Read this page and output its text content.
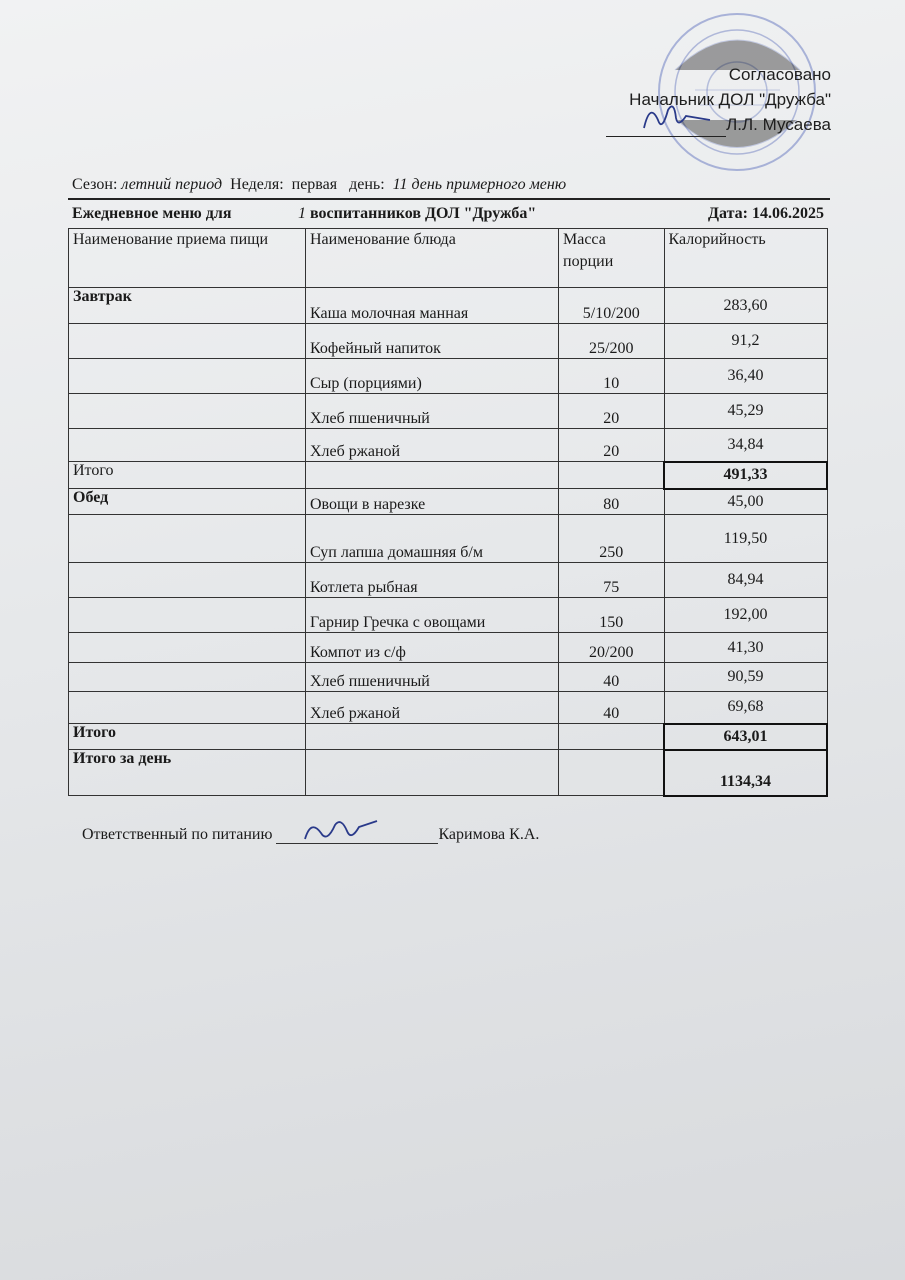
Согласовано
Начальник ДОЛ "Дружба"
Л.Л. Мусаева
Сезон: летний период Неделя: первая день: 11 день примерного меню
Ежедневное меню для	1 воспитанников ДОЛ "Дружба"	Дата: 14.06.2025
Наименование приема пищи	Наименование блюда	Масса порции	Калорийность
Завтрак	Каша молочная манная	5/10/200	283,60
	Кофейный напиток	25/200	91,2
	Сыр (порциями)	10	36,40
	Хлеб пшеничный	20	45,29
	Хлеб ржаной	20	34,84
Итого			491,33
Обед	Овощи в нарезке	80	45,00
	Суп лапша домашняя б/м	250	119,50
	Котлета рыбная	75	84,94
	Гарнир Гречка с овощами	150	192,00
	Компот из с/ф	20/200	41,30
	Хлеб пшеничный	40	90,59
	Хлеб ржаной	40	69,68
Итого			643,01
Итого за день			1134,34
Ответственный по питанию	Каримова К.А.
